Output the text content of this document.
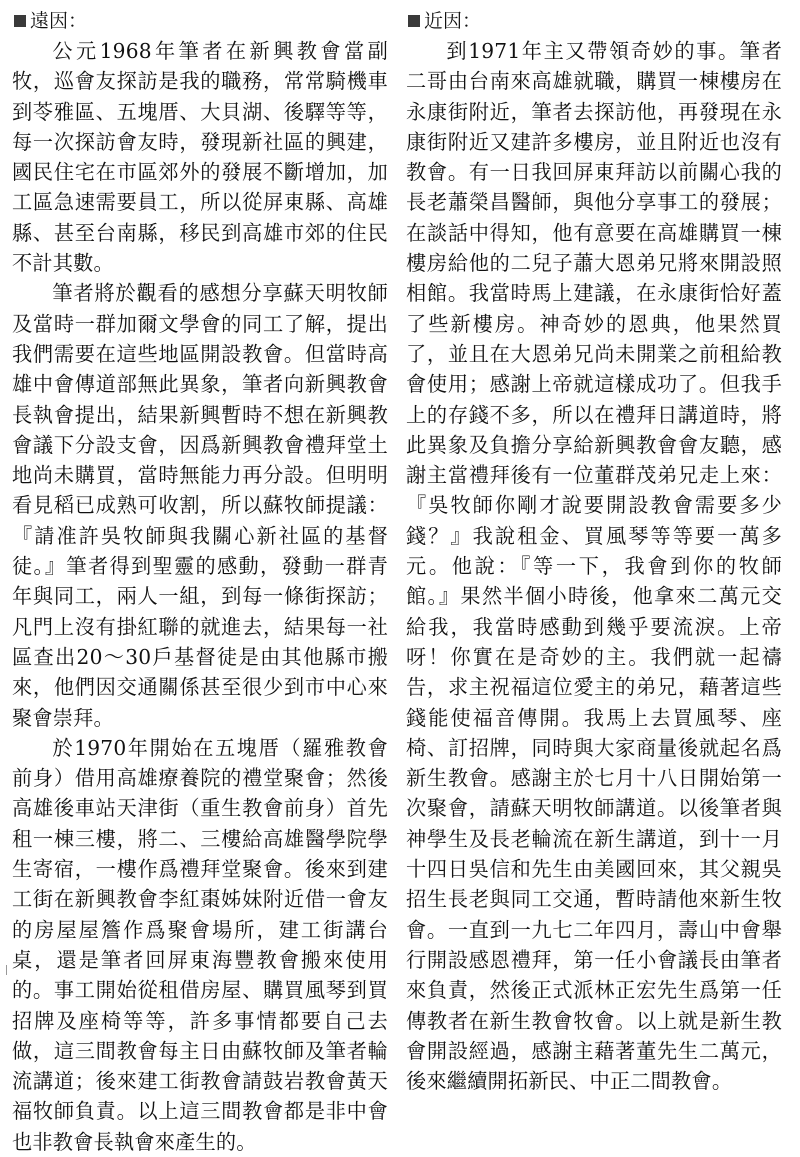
遠因：

公元1968年筆者在新興教會當副牧，巡會友探訪是我的職務，常常騎機車到苓雅區、五塊厝、大貝湖、後驛等等，每一次探訪會友時，發現新社區的興建，國民住宅在市區郊外的發展不斷增加，加工區急速需要員工，所以從屏東縣、高雄縣、甚至台南縣，移民到高雄市郊的住民不計其數。

筆者將於觀看的感想分享蘇天明牧師及當時一群加爾文學會的同工了解，提出我們需要在這些地區開設教會。但當時高雄中會傳道部無此異象，筆者向新興教會長執會提出，結果新興暫時不想在新興教會議下分設支會，因爲新興教會禮拜堂土地尚未購買，當時無能力再分設。但明明看見稻已成熟可收割，所以蘇牧師提議：『請准許吳牧師與我關心新社區的基督徒。』筆者得到聖靈的感動，發動一群青年與同工，兩人一組，到每一條街探訪；凡門上沒有掛紅聯的就進去，結果每一社區查出20～30戶基督徒是由其他縣市搬來，他們因交通關係甚至很少到市中心來聚會崇拜。

於1970年開始在五塊厝（羅雅教會前身）借用高雄療養院的禮堂聚會；然後高雄後車站天津街（重生教會前身）首先租一棟三樓，將二、三樓給高雄醫學院學生寄宿，一樓作爲禮拜堂聚會。後來到建工街在新興教會李紅棗姊妹附近借一會友的房屋屋簷作爲聚會場所，建工街講台桌，還是筆者回屏東海豐教會搬來使用的。事工開始從租借房屋、購買風琴到買招牌及座椅等等，許多事情都要自己去做，這三間教會每主日由蘇牧師及筆者輪流講道；後來建工街教會請鼓岩教會黃天福牧師負責。以上這三間教會都是非中會也非教會長執會來產生的。

近因：

到1971年主又帶領奇妙的事。筆者二哥由台南來高雄就職，購買一棟樓房在永康街附近，筆者去探訪他，再發現在永康街附近又建許多樓房，並且附近也沒有教會。有一日我回屏東拜訪以前關心我的長老蕭榮昌醫師，與他分享事工的發展；在談話中得知，他有意要在高雄購買一棟樓房給他的二兒子蕭大恩弟兄將來開設照相館。我當時馬上建議，在永康街恰好蓋了些新樓房。神奇妙的恩典，他果然買了，並且在大恩弟兄尚未開業之前租給教會使用；感謝上帝就這樣成功了。但我手上的存錢不多，所以在禮拜日講道時，將此異象及負擔分享給新興教會會友聽，感謝主當禮拜後有一位董群茂弟兄走上來：『吳牧師你剛才說要開設教會需要多少錢？』我說租金、買風琴等等要一萬多元。他說：『等一下，我會到你的牧師館。』果然半個小時後，他拿來二萬元交給我，我當時感動到幾乎要流淚。上帝呀！你實在是奇妙的主。我們就一起禱告，求主祝福這位愛主的弟兄，藉著這些錢能使福音傳開。我馬上去買風琴、座椅、訂招牌，同時與大家商量後就起名爲新生教會。感謝主於七月十八日開始第一次聚會，請蘇天明牧師講道。以後筆者與神學生及長老輪流在新生講道，到十一月十四日吳信和先生由美國回來，其父親吳招生長老與同工交通，暫時請他來新生牧會。一直到一九七二年四月，壽山中會舉行開設感恩禮拜，第一任小會議長由筆者來負責，然後正式派林正宏先生爲第一任傳教者在新生教會牧會。以上就是新生教會開設經過，感謝主藉著董先生二萬元，後來繼續開拓新民、中正二間教會。
